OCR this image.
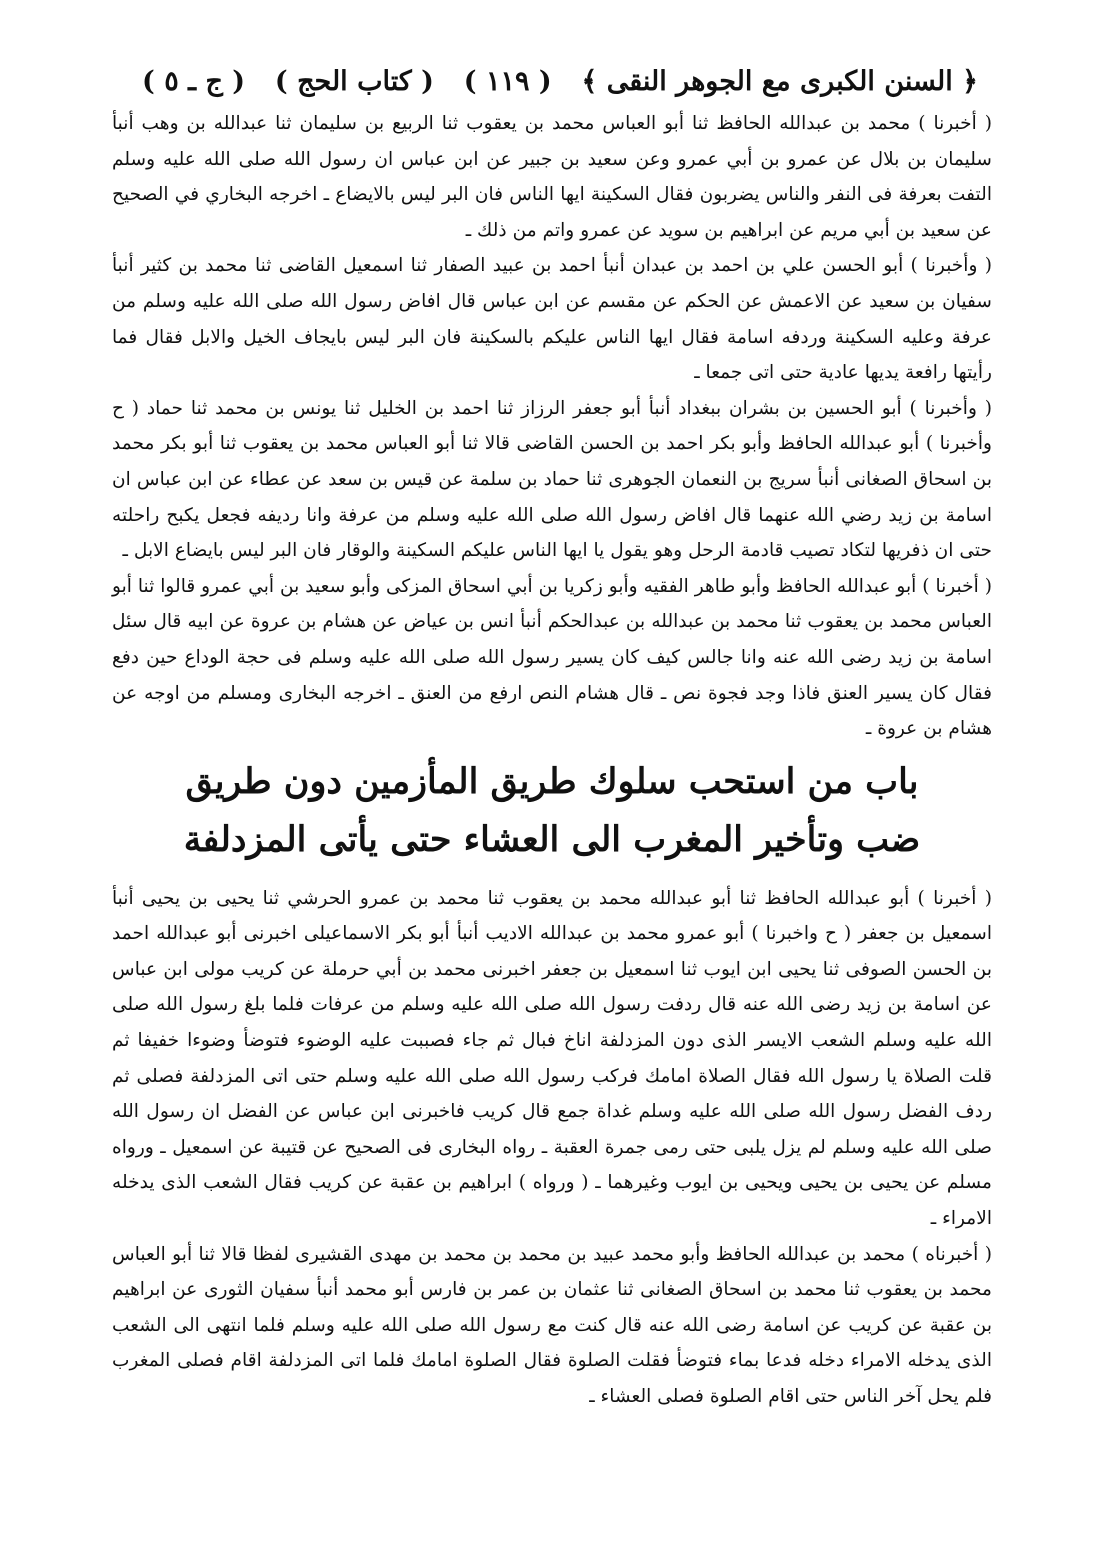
﴿ السنن الكبرى مع الجوهر النقى ﴾
( ١١٩ )
( كتاب الحج )
( ج ـ ٥ )

( أخبرنا ) محمد بن عبدالله الحافظ ثنا أبو العباس محمد بن يعقوب ثنا الربيع بن سليمان ثنا عبدالله بن وهب أنبأ سليمان بن بلال عن عمرو بن أبي عمرو وعن سعيد بن جبير عن ابن عباس ان رسول الله صلى الله عليه وسلم التفت بعرفة فى النفر والناس يضربون فقال السكينة ايها الناس فان البر ليس بالايضاع ـ اخرجه البخاري في الصحيح عن سعيد بن أبي مريم عن ابراهيم بن سويد عن عمرو واتم من ذلك ـ

( وأخبرنا ) أبو الحسن علي بن احمد بن عبدان أنبأ احمد بن عبيد الصفار ثنا اسمعيل القاضى ثنا محمد بن كثير أنبأ سفيان بن سعيد عن الاعمش عن الحكم عن مقسم عن ابن عباس قال افاض رسول الله صلى الله عليه وسلم من عرفة وعليه السكينة وردفه اسامة فقال ايها الناس عليكم بالسكينة فان البر ليس بايجاف الخيل والابل فقال فما رأيتها رافعة يديها عادية حتى اتى جمعا ـ

( وأخبرنا ) أبو الحسين بن بشران ببغداد أنبأ أبو جعفر الرزاز ثنا احمد بن الخليل ثنا يونس بن محمد ثنا حماد ( ح وأخبرنا ) أبو عبدالله الحافظ وأبو بكر احمد بن الحسن القاضى قالا ثنا أبو العباس محمد بن يعقوب ثنا أبو بكر محمد بن اسحاق الصغانى أنبأ سريج بن النعمان الجوهرى ثنا حماد بن سلمة عن قيس بن سعد عن عطاء عن ابن عباس ان اسامة بن زيد رضي الله عنهما قال افاض رسول الله صلى الله عليه وسلم من عرفة وانا رديفه فجعل يكبح راحلته حتى ان ذفريها لتكاد تصيب قادمة الرحل وهو يقول يا ايها الناس عليكم السكينة والوقار فان البر ليس بايضاع الابل ـ

( أخبرنا ) أبو عبدالله الحافظ وأبو طاهر الفقيه وأبو زكريا بن أبي اسحاق المزكى وأبو سعيد بن أبي عمرو قالوا ثنا أبو العباس محمد بن يعقوب ثنا محمد بن عبدالله بن عبدالحكم أنبأ انس بن عياض عن هشام بن عروة عن ابيه قال سئل اسامة بن زيد رضى الله عنه وانا جالس كيف كان يسير رسول الله صلى الله عليه وسلم فى حجة الوداع حين دفع فقال كان يسير العنق فاذا وجد فجوة نص ـ قال هشام النص ارفع من العنق ـ اخرجه البخارى ومسلم من اوجه عن هشام بن عروة ـ

باب من استحب سلوك طريق المأزمين دون طريق
ضب وتأخير المغرب الى العشاء حتى يأتى المزدلفة

( أخبرنا ) أبو عبدالله الحافظ ثنا أبو عبدالله محمد بن يعقوب ثنا محمد بن عمرو الحرشي ثنا يحيى بن يحيى أنبأ اسمعيل بن جعفر ( ح واخبرنا ) أبو عمرو محمد بن عبدالله الاديب أنبأ أبو بكر الاسماعيلى اخبرنى أبو عبدالله احمد بن الحسن الصوفى ثنا يحيى ابن ايوب ثنا اسمعيل بن جعفر اخبرنى محمد بن أبي حرملة عن كريب مولى ابن عباس عن اسامة بن زيد رضى الله عنه قال ردفت رسول الله صلى الله عليه وسلم من عرفات فلما بلغ رسول الله صلى الله عليه وسلم الشعب الايسر الذى دون المزدلفة اناخ فبال ثم جاء فصببت عليه الوضوء فتوضأ وضوءا خفيفا ثم قلت الصلاة يا رسول الله فقال الصلاة امامك فركب رسول الله صلى الله عليه وسلم حتى اتى المزدلفة فصلى ثم ردف الفضل رسول الله صلى الله عليه وسلم غداة جمع قال كريب فاخبرنى ابن عباس عن الفضل ان رسول الله صلى الله عليه وسلم لم يزل يلبى حتى رمى جمرة العقبة ـ رواه البخارى فى الصحيح عن قتيبة عن اسمعيل ـ ورواه مسلم عن يحيى بن يحيى ويحيى بن ايوب وغيرهما ـ ( ورواه ) ابراهيم بن عقبة عن كريب فقال الشعب الذى يدخله الامراء ـ

( أخبرناه ) محمد بن عبدالله الحافظ وأبو محمد عبيد بن محمد بن محمد بن مهدى القشيرى لفظا قالا ثنا أبو العباس محمد بن يعقوب ثنا محمد بن اسحاق الصغانى ثنا عثمان بن عمر بن فارس أبو محمد أنبأ سفيان الثورى عن ابراهيم بن عقبة عن كريب عن اسامة رضى الله عنه قال كنت مع رسول الله صلى الله عليه وسلم فلما انتهى الى الشعب الذى يدخله الامراء دخله فدعا بماء فتوضأ فقلت الصلوة فقال الصلوة امامك فلما اتى المزدلفة اقام فصلى المغرب فلم يحل آخر الناس حتى اقام الصلوة فصلى العشاء ـ
